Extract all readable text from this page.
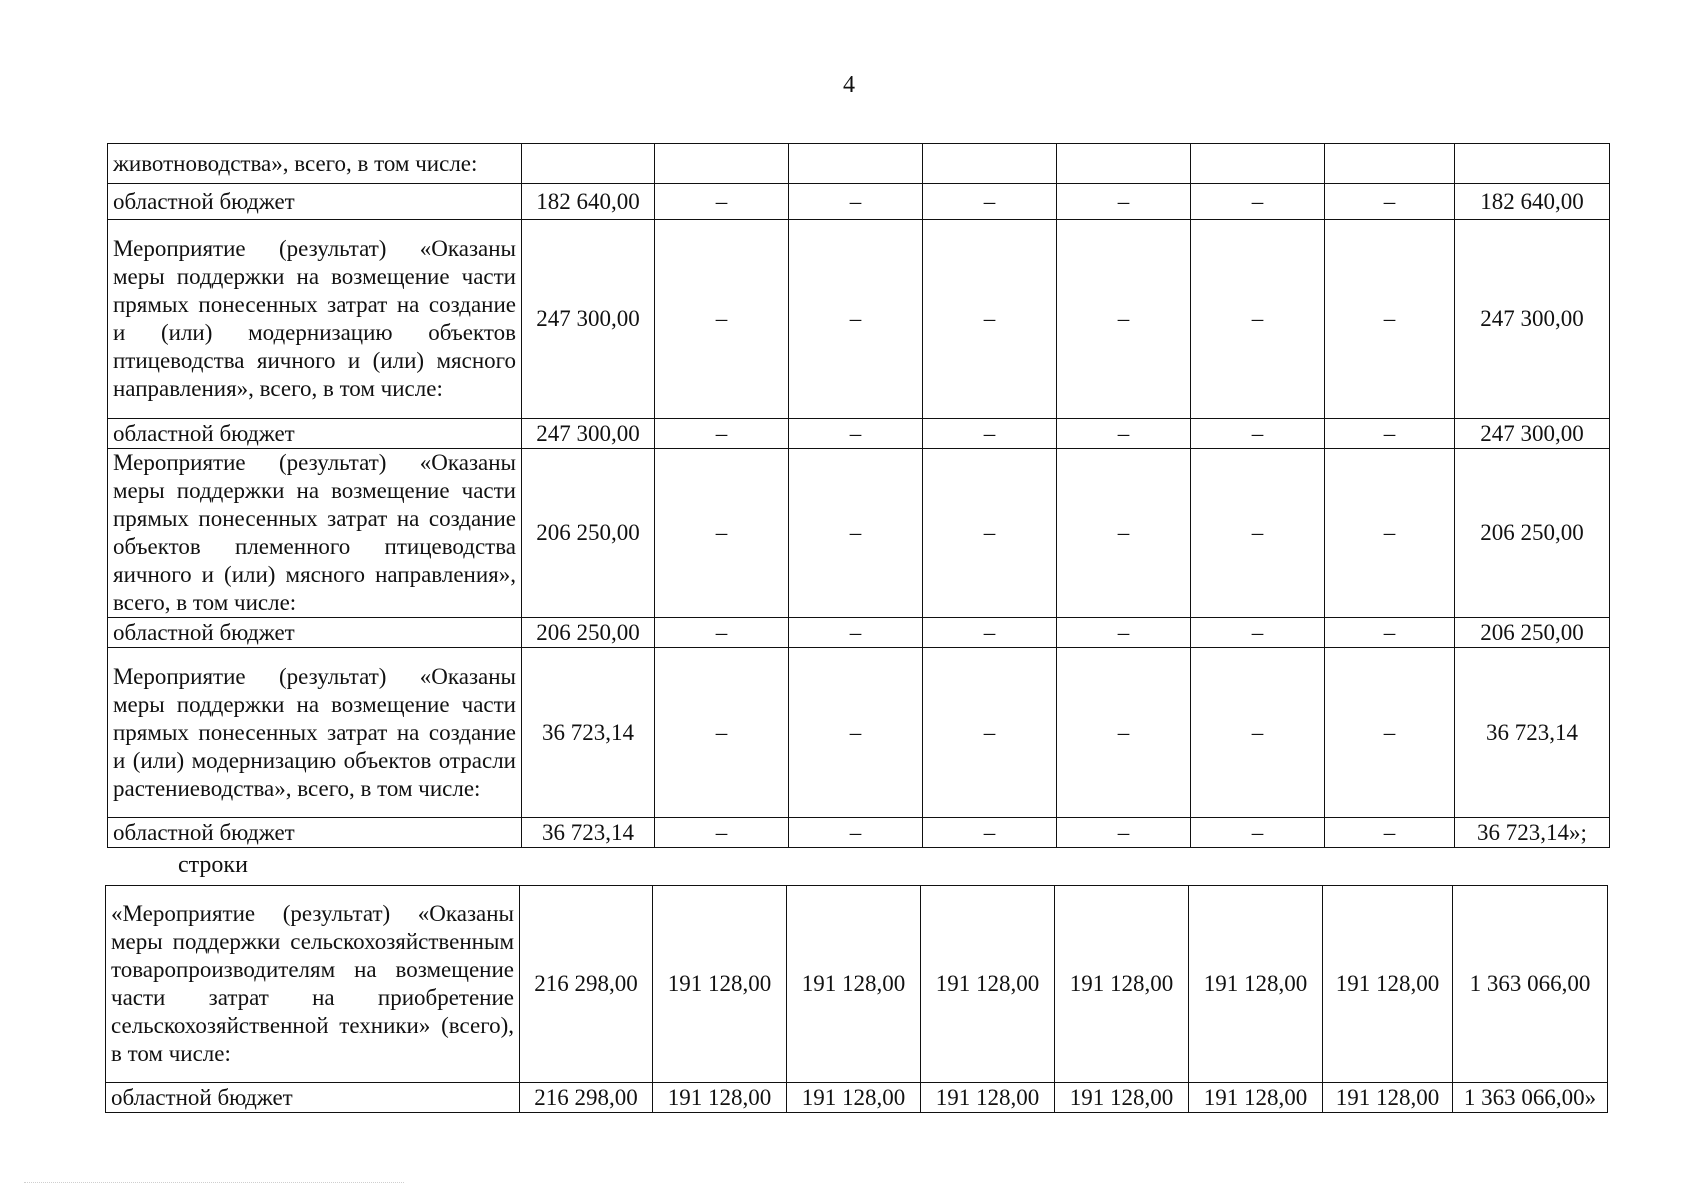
4
животноводства», всего, в том числе:								
областной бюджет	182 640,00	–	–	–	–	–	–	182 640,00
Мероприятие (результат) «Оказаны меры поддержки на возмещение части прямых понесенных затрат на создание и (или) модернизацию объектов птицеводства яичного и (или) мясного направления», всего, в том числе:	247 300,00	–	–	–	–	–	–	247 300,00
областной бюджет	247 300,00	–	–	–	–	–	–	247 300,00
Мероприятие (результат) «Оказаны меры поддержки на возмещение части прямых понесенных затрат на создание объектов племенного птицеводства яичного и (или) мясного направления», всего, в том числе:	206 250,00	–	–	–	–	–	–	206 250,00
областной бюджет	206 250,00	–	–	–	–	–	–	206 250,00
Мероприятие (результат) «Оказаны меры поддержки на возмещение части прямых понесенных затрат на создание и (или) модернизацию объектов отрасли растениеводства», всего, в том числе:	36 723,14	–	–	–	–	–	–	36 723,14
областной бюджет	36 723,14	–	–	–	–	–	–	36 723,14»;
строки
«Мероприятие (результат) «Оказаны меры поддержки сельскохозяйственным товаропроизводителям на возмещение части затрат на приобретение сельскохозяйственной техники» (всего), в том числе:	216 298,00	191 128,00	191 128,00	191 128,00	191 128,00	191 128,00	191 128,00	1 363 066,00
областной бюджет	216 298,00	191 128,00	191 128,00	191 128,00	191 128,00	191 128,00	191 128,00	1 363 066,00»
